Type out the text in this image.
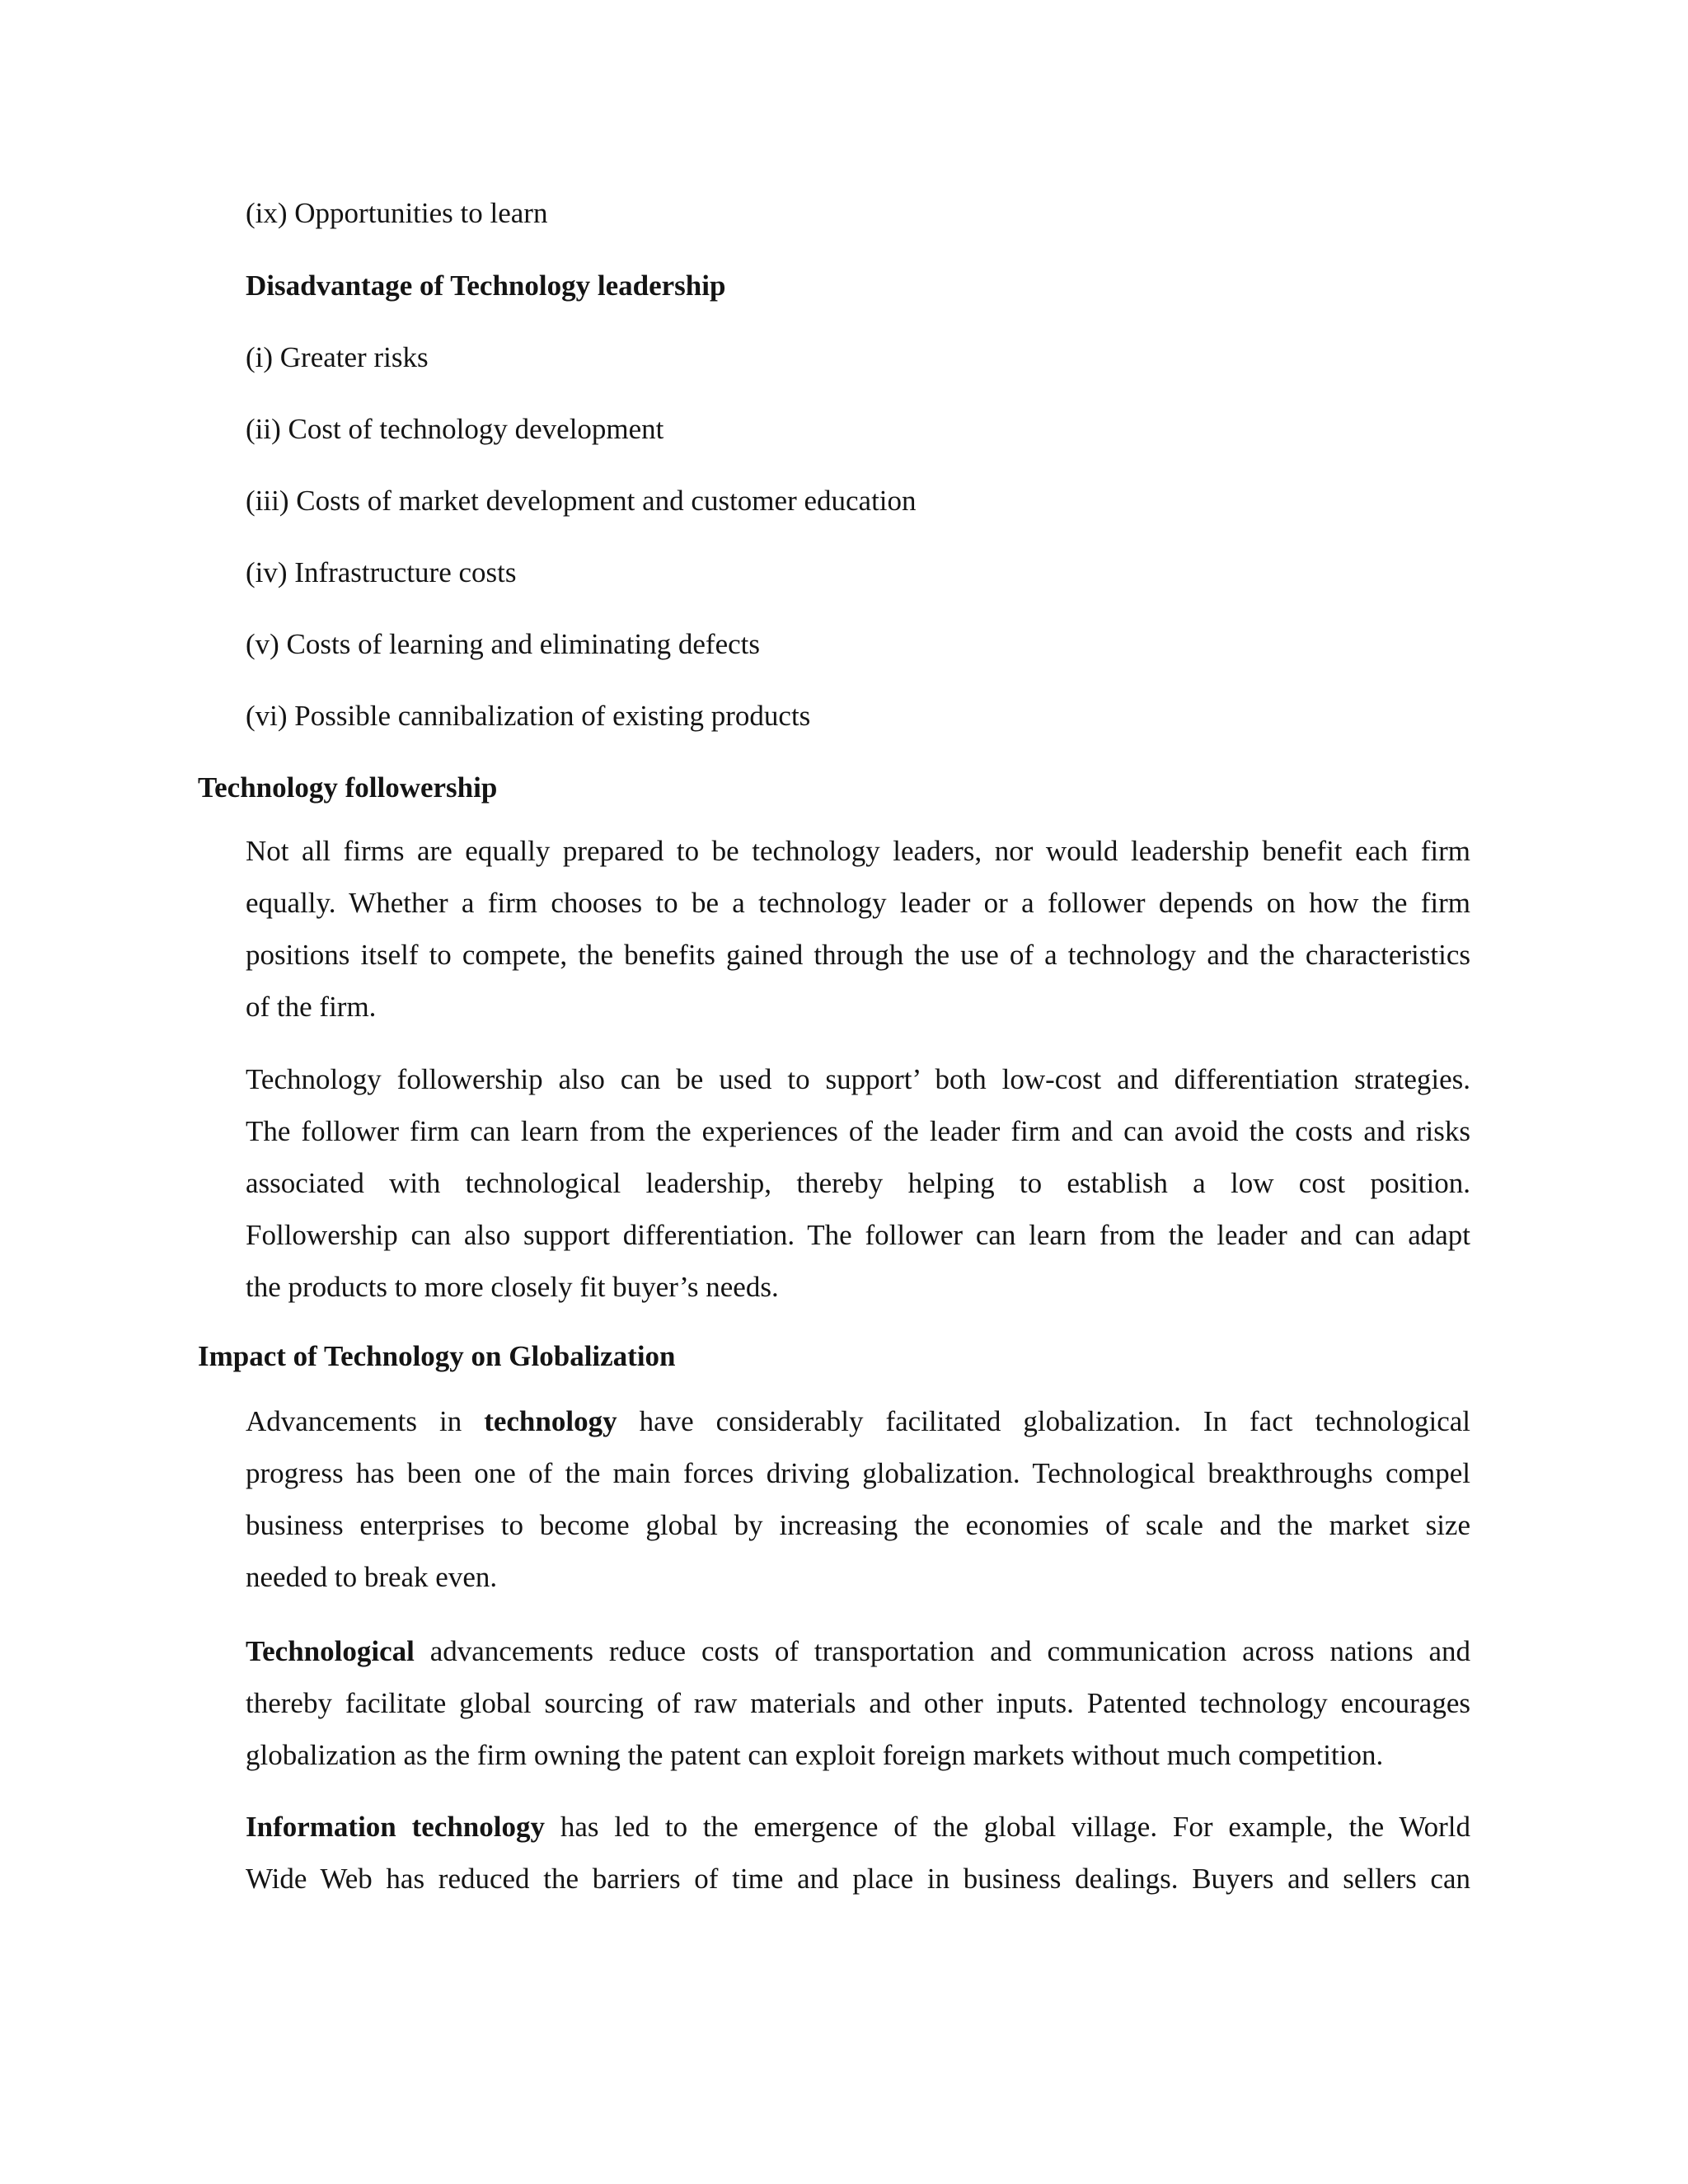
(ix) Opportunities to learn

Disadvantage of Technology leadership

(i) Greater risks

(ii) Cost of technology development

(iii) Costs of market development and customer education

(iv) Infrastructure costs

(v) Costs of learning and eliminating defects

(vi) Possible cannibalization of existing products

Technology followership

Not all firms are equally prepared to be technology leaders, nor would leadership benefit each firm
equally. Whether a firm chooses to be a technology leader or a follower depends on how the firm
positions itself to compete, the benefits gained through the use of a technology and the characteristics
of the firm.
Technology followership also can be used to support’ both low-cost and differentiation strategies.
The follower firm can learn from the experiences of the leader firm and can avoid the costs and risks
associated with technological leadership, thereby helping to establish a low cost position.
Followership can also support differentiation. The follower can learn from the leader and can adapt
the products to more closely fit buyer’s needs.

Impact of Technology on Globalization

Advancements in technology have considerably facilitated globalization. In fact technological
progress has been one of the main forces driving globalization. Technological breakthroughs compel
business enterprises to become global by increasing the economies of scale and the market size
needed to break even.
Technological advancements reduce costs of transportation and communication across nations and
thereby facilitate global sourcing of raw materials and other inputs. Patented technology encourages
globalization as the firm owning the patent can exploit foreign markets without much competition.
Information technology has led to the emergence of the global village. For example, the World
Wide Web has reduced the barriers of time and place in business dealings. Buyers and sellers can
